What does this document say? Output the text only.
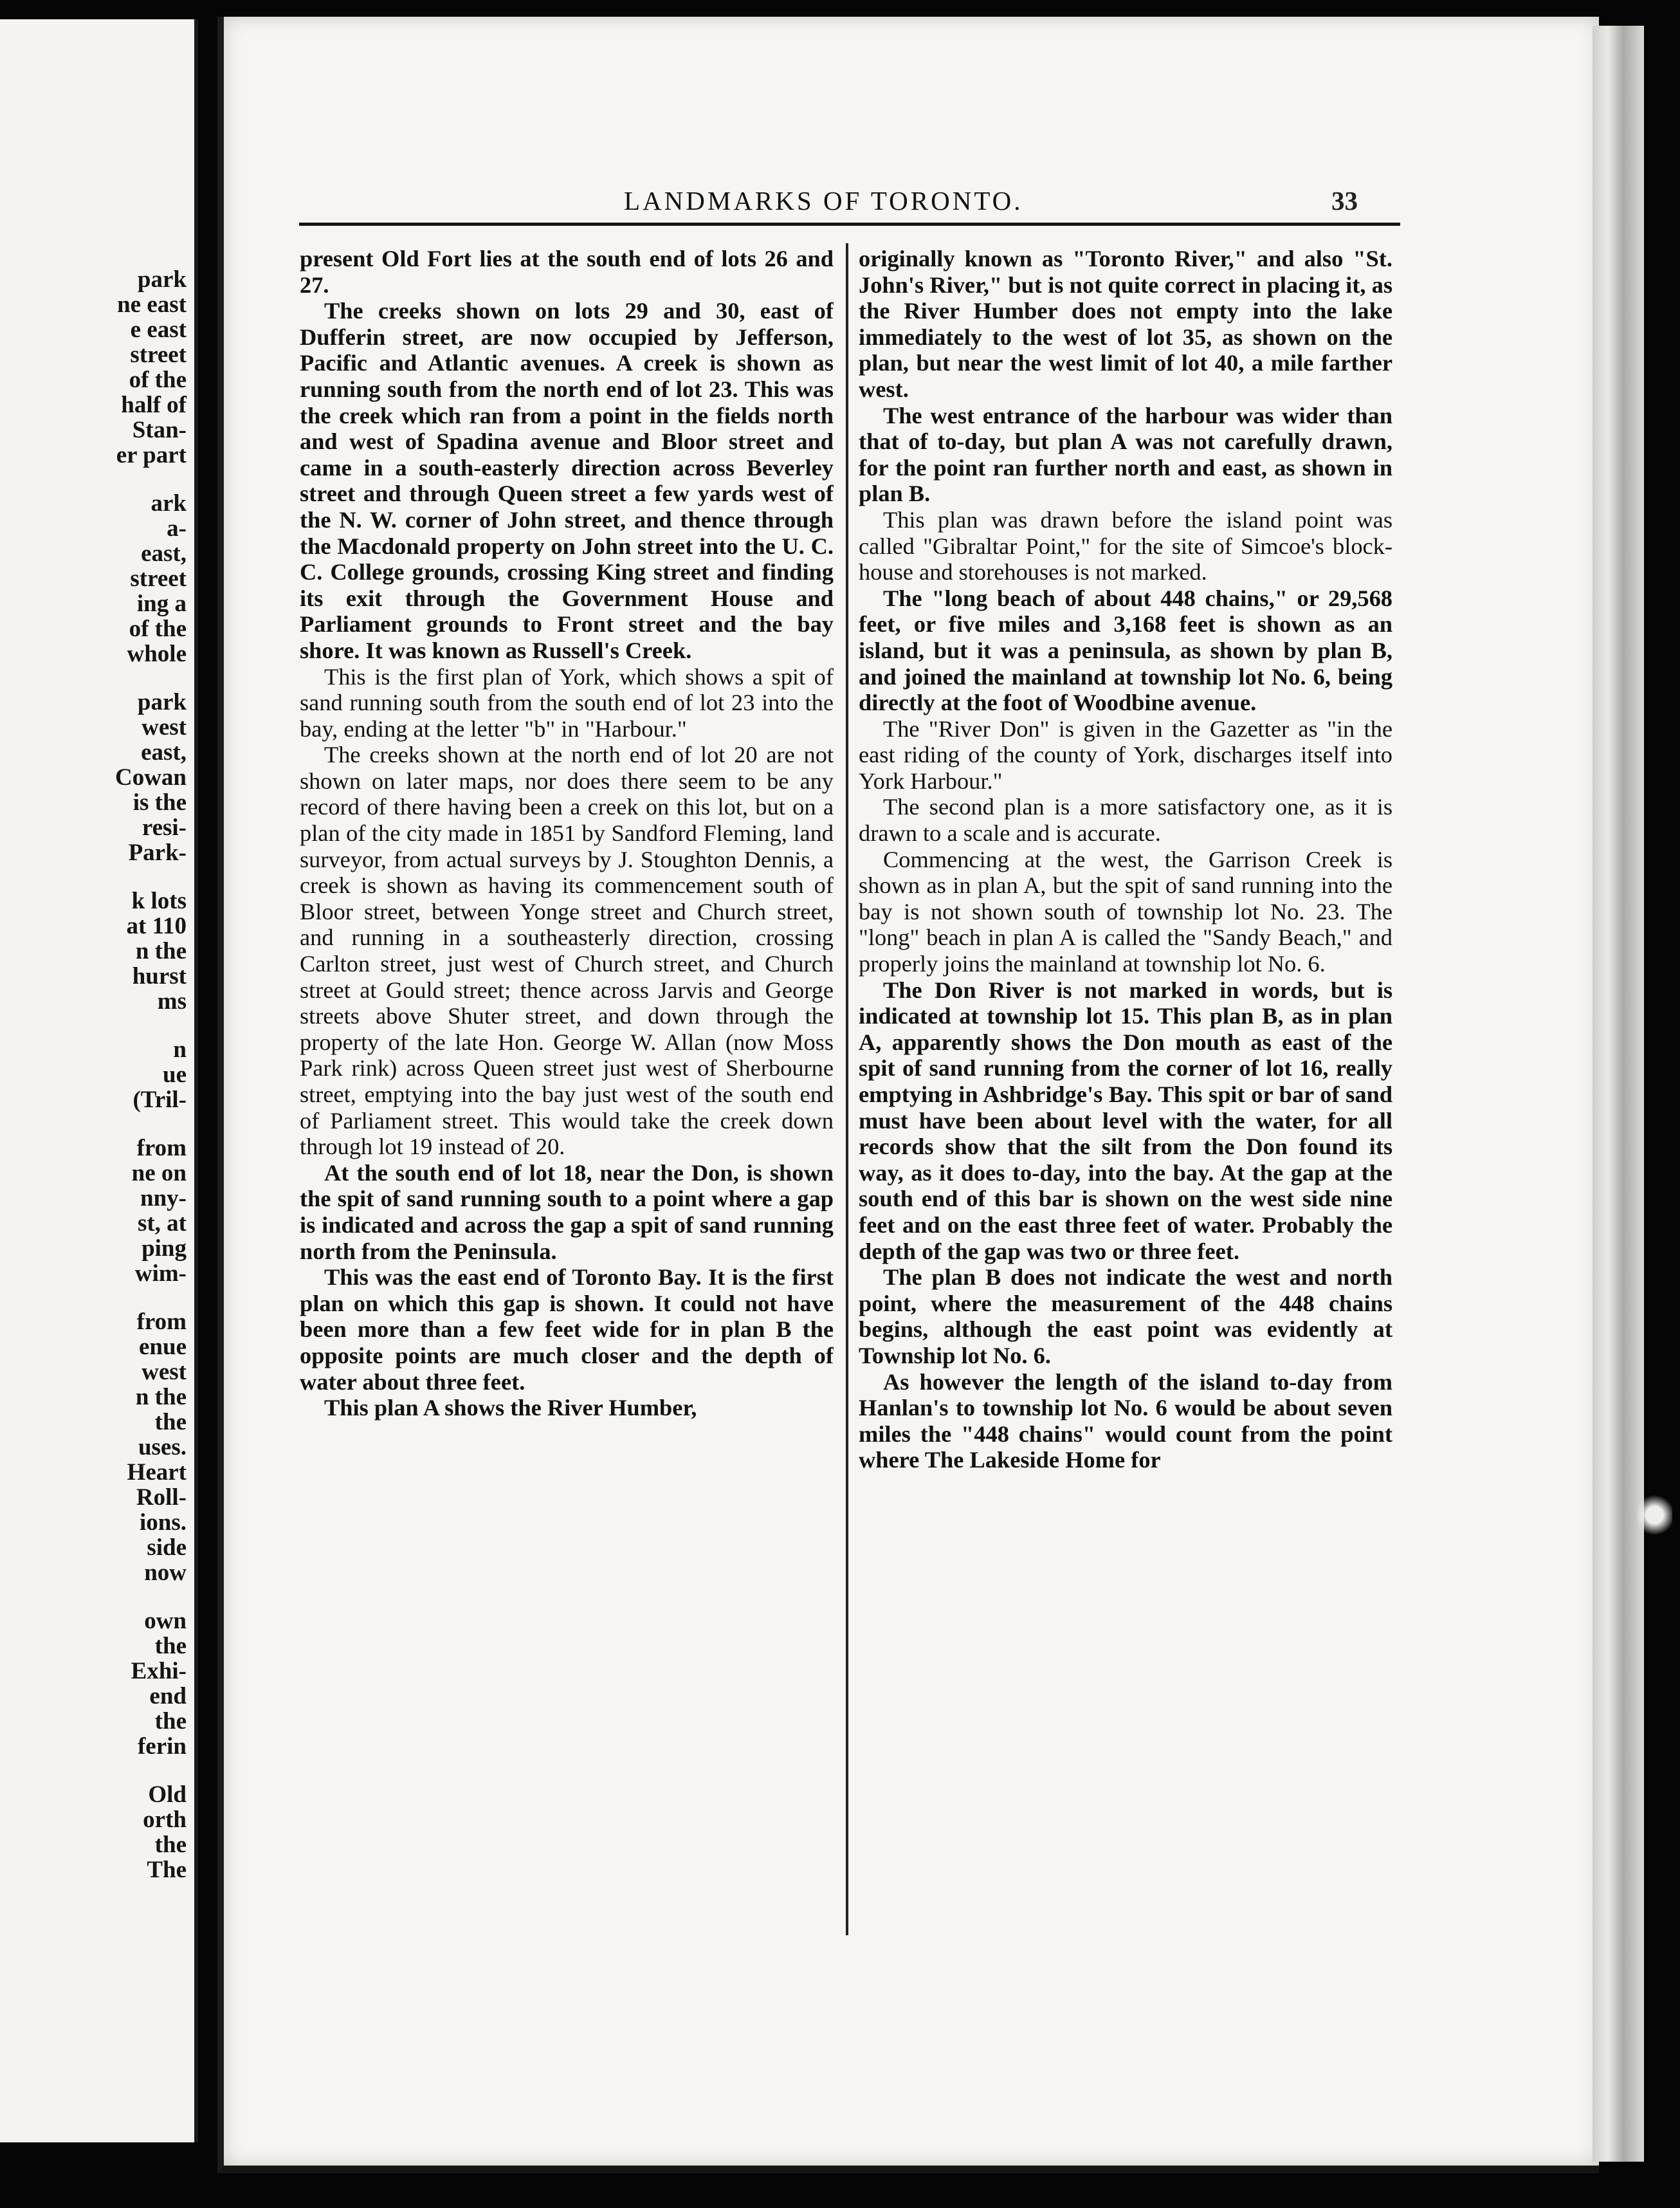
park
ne east
e east
street
of the
half of
Stan-
er part
ark
a-
east,
street
ing a
of the
whole
park
west
east,
Cowan
is the
resi-
Park-
k lots
at 110
n the
hurst
ms
n
ue
(Tril-
from
ne on
nny-
st, at
ping
wim-
from
enue
west
n the
the
uses.
Heart
Roll-
ions.
side
now
own
the
Exhi-
end
the
ferin
Old
orth
the
The
LANDMARKS OF TORONTO.	33

present Old Fort lies at the south end of lots 26 and 27.

The creeks shown on lots 29 and 30, east of Dufferin street, are now occupied by Jefferson, Pacific and Atlantic avenues. A creek is shown as running south from the north end of lot 23. This was the creek which ran from a point in the fields north and west of Spadina avenue and Bloor street and came in a south-easterly direction across Beverley street and through Queen street a few yards west of the N. W. corner of John street, and thence through the Macdonald property on John street into the U. C. C. College grounds, crossing King street and finding its exit through the Government House and Parliament grounds to Front street and the bay shore. It was known as Russell's Creek.

This is the first plan of York, which shows a spit of sand running south from the south end of lot 23 into the bay, ending at the letter "b" in "Harbour."

The creeks shown at the north end of lot 20 are not shown on later maps, nor does there seem to be any record of there having been a creek on this lot, but on a plan of the city made in 1851 by Sandford Fleming, land surveyor, from actual surveys by J. Stoughton Dennis, a creek is shown as having its commencement south of Bloor street, between Yonge street and Church street, and running in a southeasterly direction, crossing Carlton street, just west of Church street, and Church street at Gould street; thence across Jarvis and George streets above Shuter street, and down through the property of the late Hon. George W. Allan (now Moss Park rink) across Queen street just west of Sherbourne street, emptying into the bay just west of the south end of Parliament street. This would take the creek down through lot 19 instead of 20.

At the south end of lot 18, near the Don, is shown the spit of sand running south to a point where a gap is indicated and across the gap a spit of sand running north from the Peninsula.

This was the east end of Toronto Bay. It is the first plan on which this gap is shown. It could not have been more than a few feet wide for in plan B the opposite points are much closer and the depth of water about three feet.

This plan A shows the River Humber,

originally known as "Toronto River," and also "St. John's River," but is not quite correct in placing it, as the River Humber does not empty into the lake immediately to the west of lot 35, as shown on the plan, but near the west limit of lot 40, a mile farther west.

The west entrance of the harbour was wider than that of to-day, but plan A was not carefully drawn, for the point ran further north and east, as shown in plan B.

This plan was drawn before the island point was called "Gibraltar Point," for the site of Simcoe's block-house and storehouses is not marked.

The "long beach of about 448 chains," or 29,568 feet, or five miles and 3,168 feet is shown as an island, but it was a peninsula, as shown by plan B, and joined the mainland at township lot No. 6, being directly at the foot of Woodbine avenue.

The "River Don" is given in the Gazetter as "in the east riding of the county of York, discharges itself into York Harbour."

The second plan is a more satisfactory one, as it is drawn to a scale and is accurate.

Commencing at the west, the Garrison Creek is shown as in plan A, but the spit of sand running into the bay is not shown south of township lot No. 23. The "long" beach in plan A is called the "Sandy Beach," and properly joins the mainland at township lot No. 6.

The Don River is not marked in words, but is indicated at township lot 15. This plan B, as in plan A, apparently shows the Don mouth as east of the spit of sand running from the corner of lot 16, really emptying in Ashbridge's Bay. This spit or bar of sand must have been about level with the water, for all records show that the silt from the Don found its way, as it does to-day, into the bay. At the gap at the south end of this bar is shown on the west side nine feet and on the east three feet of water. Probably the depth of the gap was two or three feet.

The plan B does not indicate the west and north point, where the measurement of the 448 chains begins, although the east point was evidently at Township lot No. 6.

As however the length of the island to-day from Hanlan's to township lot No. 6 would be about seven miles the "448 chains" would count from the point where The Lakeside Home for
